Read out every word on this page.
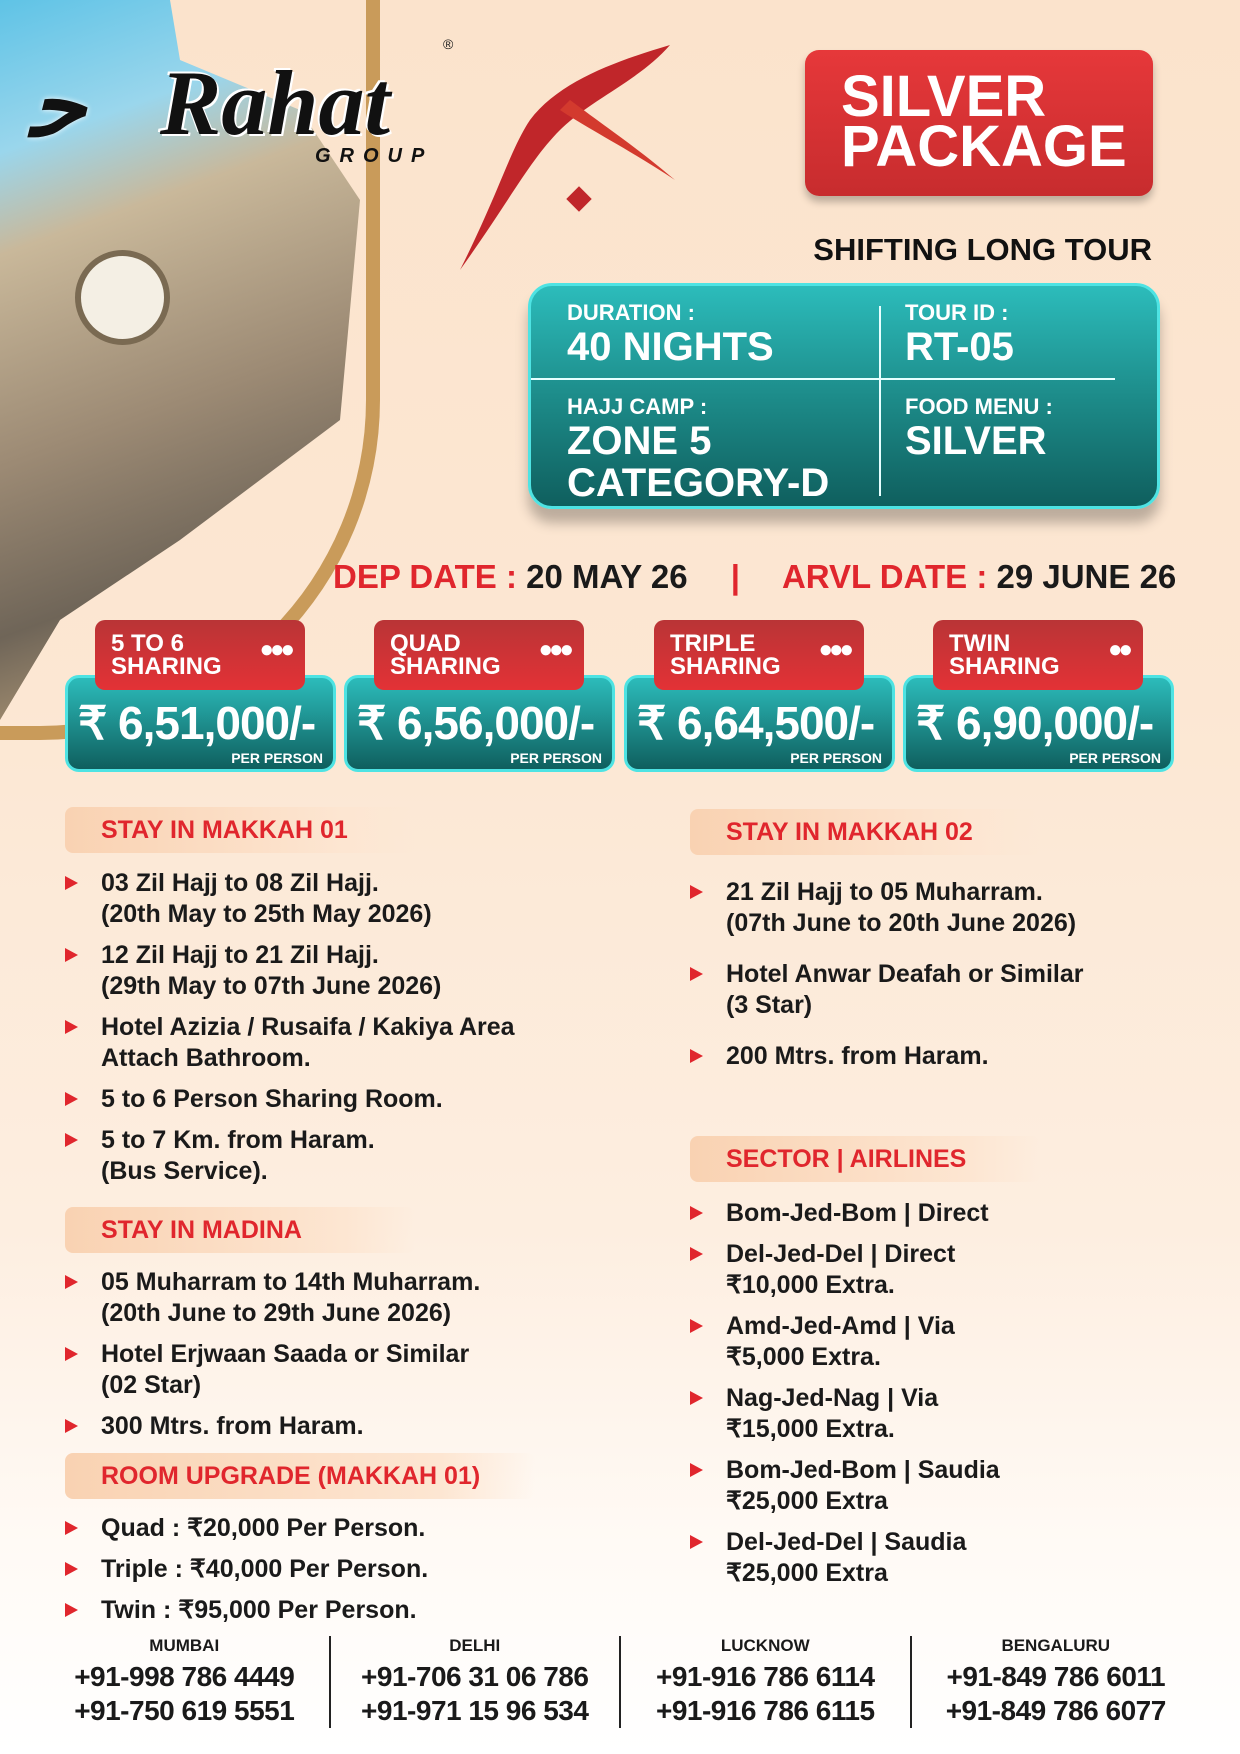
ﺣ Rahat
GROUP
®
SILVER
PACKAGE
SHIFTING LONG TOUR
DURATION :
40 NIGHTS
TOUR ID :
RT-05
HAJJ CAMP :
ZONE 5
CATEGORY-D
FOOD MENU :
SILVER
DEP DATE : 20 MAY 26 | ARVL DATE : 29 JUNE 26
5 TO 6
SHARING
●●●
₹ 6,51,000/-
PER PERSON
QUAD
SHARING
●●●
₹ 6,56,000/-
PER PERSON
TRIPLE
SHARING
●●●
₹ 6,64,500/-
PER PERSON
TWIN
SHARING
●●
₹ 6,90,000/-
PER PERSON
STAY IN MAKKAH 01
03 Zil Hajj to 08 Zil Hajj.
(20th May to 25th May 2026)
12 Zil Hajj to 21 Zil Hajj.
(29th May to 07th June 2026)
Hotel Azizia / Rusaifa / Kakiya Area
Attach Bathroom.
5 to 6 Person Sharing Room.
5 to 7 Km. from Haram.
(Bus Service).
STAY IN MADINA
05 Muharram to 14th Muharram.
(20th June to 29th June 2026)
Hotel Erjwaan Saada or Similar
(02 Star)
300 Mtrs. from Haram.
ROOM UPGRADE (MAKKAH 01)
Quad : ₹20,000 Per Person.
Triple : ₹40,000 Per Person.
Twin : ₹95,000 Per Person.
STAY IN MAKKAH 02
21 Zil Hajj to 05 Muharram.
(07th June to 20th June 2026)
Hotel Anwar Deafah or Similar
(3 Star)
200 Mtrs. from Haram.
SECTOR | AIRLINES
Bom-Jed-Bom | Direct
Del-Jed-Del | Direct
₹10,000 Extra.
Amd-Jed-Amd | Via
₹5,000 Extra.
Nag-Jed-Nag | Via
₹15,000 Extra.
Bom-Jed-Bom | Saudia
₹25,000 Extra
Del-Jed-Del | Saudia
₹25,000 Extra
MUMBAI
+91-998 786 4449
+91-750 619 5551
DELHI
+91-706 31 06 786
+91-971 15 96 534
LUCKNOW
+91-916 786 6114
+91-916 786 6115
BENGALURU
+91-849 786 6011
+91-849 786 6077
